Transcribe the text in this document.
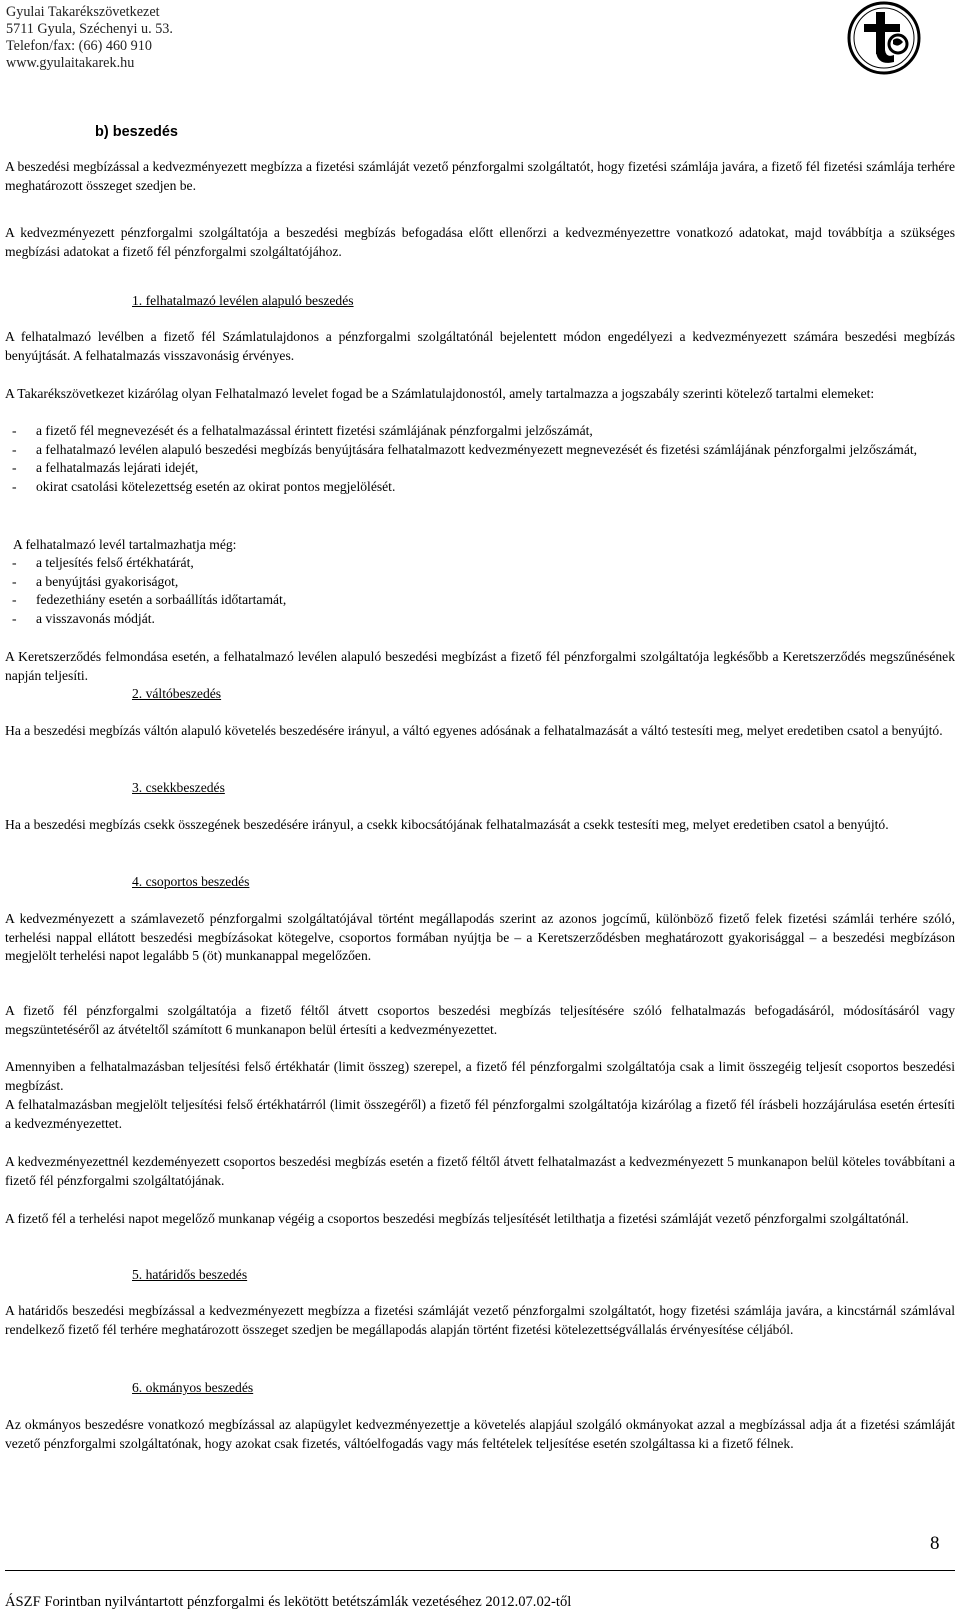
Gyulai Takarékszövetkezet
5711 Gyula, Széchenyi u. 53.
Telefon/fax: (66) 460 910
www.gyulaitakarek.hu
b) beszedés

A beszedési megbízással a kedvezményezett megbízza a fizetési számláját vezető pénzforgalmi szolgáltatót, hogy fizetési számlája javára, a fizető fél fizetési számlája terhére meghatározott összeget szedjen be.

A kedvezményezett pénzforgalmi szolgáltatója a beszedési megbízás befogadása előtt ellenőrzi a kedvezményezettre vonatkozó adatokat, majd továbbítja a szükséges megbízási adatokat a fizető fél pénzforgalmi szolgáltatójához.

1. felhatalmazó levélen alapuló beszedés

A felhatalmazó levélben a fizető fél Számlatulajdonos a pénzforgalmi szolgáltatónál bejelentett módon engedélyezi a kedvezményezett számára beszedési megbízás benyújtását. A felhatalmazás visszavonásig érvényes.

A Takarékszövetkezet kizárólag olyan Felhatalmazó levelet fogad be a Számlatulajdonostól, amely tartalmazza a jogszabály szerinti kötelező tartalmi elemeket:

- a fizető fél megnevezését és a felhatalmazással érintett fizetési számlájának pénzforgalmi jelzőszámát,
- a felhatalmazó levélen alapuló beszedési megbízás benyújtására felhatalmazott kedvezményezett megnevezését és fizetési számlájának pénzforgalmi jelzőszámát,
- a felhatalmazás lejárati idejét,
- okirat csatolási kötelezettség esetén az okirat pontos megjelölését.

A felhatalmazó levél tartalmazhatja még:

- a teljesítés felső értékhatárát,
- a benyújtási gyakoriságot,
- fedezethiány esetén a sorbaállítás időtartamát,
- a visszavonás módját.

A Keretszerződés felmondása esetén, a felhatalmazó levélen alapuló beszedési megbízást a fizető fél pénzforgalmi szolgáltatója legkésőbb a Keretszerződés megszűnésének napján teljesíti.

2. váltóbeszedés

Ha a beszedési megbízás váltón alapuló követelés beszedésére irányul, a váltó egyenes adósának a felhatalmazását a váltó testesíti meg, melyet eredetiben csatol a benyújtó.

3. csekkbeszedés

Ha a beszedési megbízás csekk összegének beszedésére irányul, a csekk kibocsátójának felhatalmazását a csekk testesíti meg, melyet eredetiben csatol a benyújtó.

4. csoportos beszedés

A kedvezményezett a számlavezető pénzforgalmi szolgáltatójával történt megállapodás szerint az azonos jogcímű, különböző fizető felek fizetési számlái terhére szóló, terhelési nappal ellátott beszedési megbízásokat kötegelve, csoportos formában nyújtja be – a Keretszerződésben meghatározott gyakorisággal – a beszedési megbízáson megjelölt terhelési napot legalább 5 (öt) munkanappal megelőzően.

A fizető fél pénzforgalmi szolgáltatója a fizető féltől átvett csoportos beszedési megbízás teljesítésére szóló felhatalmazás befogadásáról, módosításáról vagy megszüntetéséről az átvételtől számított 6 munkanapon belül értesíti a kedvezményezettet.

Amennyiben a felhatalmazásban teljesítési felső értékhatár (limit összeg) szerepel, a fizető fél pénzforgalmi szolgáltatója csak a limit összegéig teljesít csoportos beszedési megbízást.

A felhatalmazásban megjelölt teljesítési felső értékhatárról (limit összegéről) a fizető fél pénzforgalmi szolgáltatója kizárólag a fizető fél írásbeli hozzájárulása esetén értesíti a kedvezményezettet.

A kedvezményezettnél kezdeményezett csoportos beszedési megbízás esetén a fizető féltől átvett felhatalmazást a kedvezményezett 5 munkanapon belül köteles továbbítani a fizető fél pénzforgalmi szolgáltatójának.

A fizető fél a terhelési napot megelőző munkanap végéig a csoportos beszedési megbízás teljesítését letilthatja a fizetési számláját vezető pénzforgalmi szolgáltatónál.

5. határidős beszedés

A határidős beszedési megbízással a kedvezményezett megbízza a fizetési számláját vezető pénzforgalmi szolgáltatót, hogy fizetési számlája javára, a kincstárnál számlával rendelkező fizető fél terhére meghatározott összeget szedjen be megállapodás alapján történt fizetési kötelezettségvállalás érvényesítése céljából.

6. okmányos beszedés

Az okmányos beszedésre vonatkozó megbízással az alapügylet kedvezményezettje a követelés alapjául szolgáló okmányokat azzal a megbízással adja át a fizetési számláját vezető pénzforgalmi szolgáltatónak, hogy azokat csak fizetés, váltóelfogadás vagy más feltételek teljesítése esetén szolgáltassa ki a fizető félnek.

8
ÁSZF Forintban nyilvántartott pénzforgalmi és lekötött betétszámlák vezetéséhez 2012.07.02-től
